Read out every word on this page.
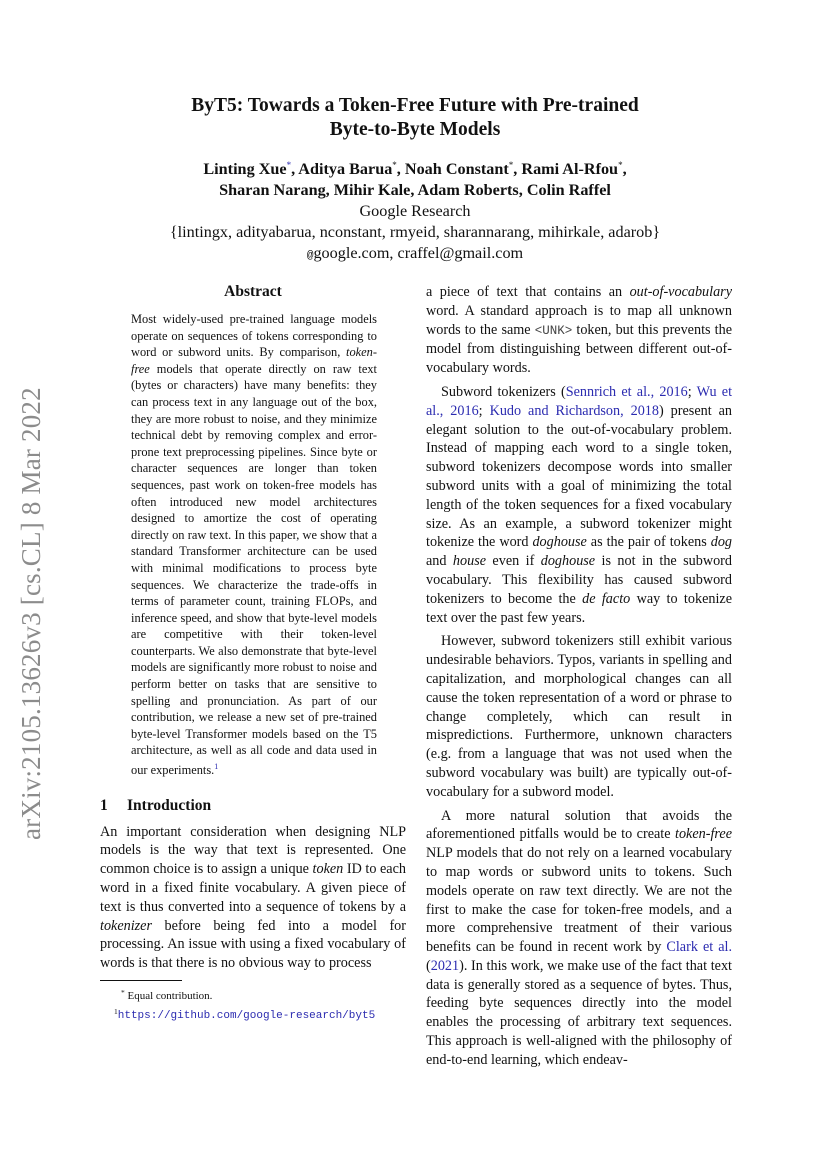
arXiv:2105.13626v3 [cs.CL] 8 Mar 2022
ByT5: Towards a Token-Free Future with Pre-trained
Byte-to-Byte Models
Linting Xue*, Aditya Barua*, Noah Constant*, Rami Al-Rfou*,
Sharan Narang, Mihir Kale, Adam Roberts, Colin Raffel
Google Research
{lintingx, adityabarua, nconstant, rmyeid, sharannarang, mihirkale, adarob}
@google.com, craffel@gmail.com
Abstract

Most widely-used pre-trained language models operate on sequences of tokens corresponding to word or subword units. By comparison, token-free models that operate directly on raw text (bytes or characters) have many benefits: they can process text in any language out of the box, they are more robust to noise, and they minimize technical debt by removing complex and error-prone text preprocessing pipelines. Since byte or character sequences are longer than token sequences, past work on token-free models has often introduced new model architectures designed to amortize the cost of operating directly on raw text. In this paper, we show that a standard Transformer architecture can be used with minimal modifications to process byte sequences. We characterize the trade-offs in terms of parameter count, training FLOPs, and inference speed, and show that byte-level models are competitive with their token-level counterparts. We also demonstrate that byte-level models are significantly more robust to noise and perform better on tasks that are sensitive to spelling and pronunciation. As part of our contribution, we release a new set of pre-trained byte-level Transformer models based on the T5 architecture, as well as all code and data used in our experiments.$^1$

1 Introduction

An important consideration when designing NLP models is the way that text is represented. One common choice is to assign a unique token ID to each word in a fixed finite vocabulary. A given piece of text is thus converted into a sequence of tokens by a tokenizer before being fed into a model for processing. An issue with using a fixed vocabulary of words is that there is no obvious way to process

* Equal contribution.
$^1$https://github.com/google-research/byt5

a piece of text that contains an out-of-vocabulary word. A standard approach is to map all unknown words to the same <UNK> token, but this prevents the model from distinguishing between different out-of-vocabulary words.

Subword tokenizers (Sennrich et al., 2016; Wu et al., 2016; Kudo and Richardson, 2018) present an elegant solution to the out-of-vocabulary problem. Instead of mapping each word to a single token, subword tokenizers decompose words into smaller subword units with a goal of minimizing the total length of the token sequences for a fixed vocabulary size. As an example, a subword tokenizer might tokenize the word doghouse as the pair of tokens dog and house even if doghouse is not in the subword vocabulary. This flexibility has caused subword tokenizers to become the de facto way to tokenize text over the past few years.

However, subword tokenizers still exhibit various undesirable behaviors. Typos, variants in spelling and capitalization, and morphological changes can all cause the token representation of a word or phrase to change completely, which can result in mispredictions. Furthermore, unknown characters (e.g. from a language that was not used when the subword vocabulary was built) are typically out-of-vocabulary for a subword model.

A more natural solution that avoids the aforementioned pitfalls would be to create token-free NLP models that do not rely on a learned vocabulary to map words or subword units to tokens. Such models operate on raw text directly. We are not the first to make the case for token-free models, and a more comprehensive treatment of their various benefits can be found in recent work by Clark et al. (2021). In this work, we make use of the fact that text data is generally stored as a sequence of bytes. Thus, feeding byte sequences directly into the model enables the processing of arbitrary text sequences. This approach is well-aligned with the philosophy of end-to-end learning, which endeav-
